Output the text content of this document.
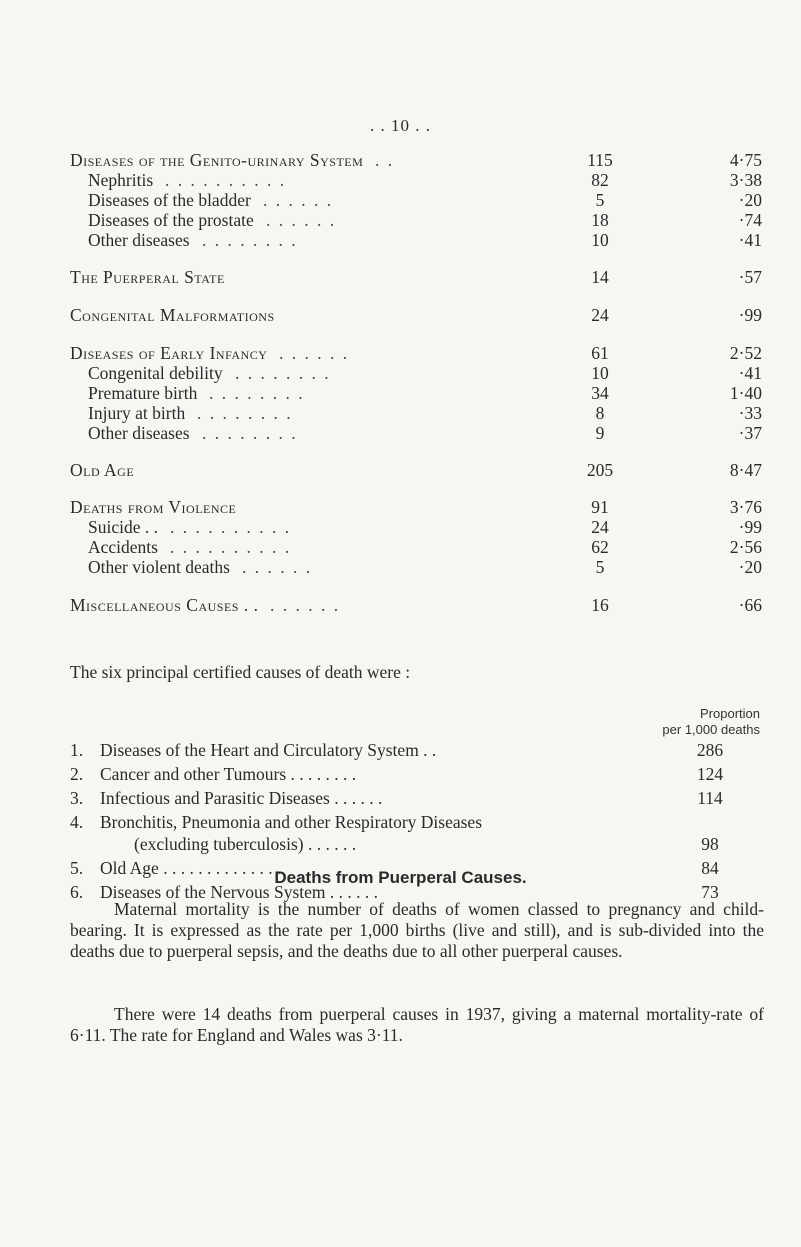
. . 10 . .
Diseases of the Genito-urinary System . .	115	4·75
Nephritis . . . . . . . . . .	82	3·38
Diseases of the bladder . . . . . .	5	·20
Diseases of the prostate . . . . . .	18	·74
Other diseases . . . . . . . .	10	·41
The Puerperal State	14	·57
Congenital Malformations	24	·99
Diseases of Early Infancy . . . . . .	61	2·52
Congenital debility . . . . . . . .	10	·41
Premature birth . . . . . . . .	34	1·40
Injury at birth . . . . . . . .	8	·33
Other diseases . . . . . . . .	9	·37
Old Age	205	8·47
Deaths from Violence	91	3·76
Suicide . . . . . . . . . . . .	24	·99
Accidents . . . . . . . . . .	62	2·56
Other violent deaths . . . . . .	5	·20
Miscellaneous Causes . . . . . . . .	16	·66
The six principal certified causes of death were :
Proportion
per 1,000 deaths
1. Diseases of the Heart and Circulatory System . .	286
2. Cancer and other Tumours . . . . . . . .	124
3. Infectious and Parasitic Diseases . . . . . .	114
4. Bronchitis, Pneumonia and other Respiratory Diseases
(excluding tuberculosis) . . . . . .	98
5. Old Age . . . . . . . . . . . . . .	84
6. Diseases of the Nervous System . . . . . .	73
Deaths from Puerperal Causes.
Maternal mortality is the number of deaths of women classed to pregnancy and child-bearing. It is expressed as the rate per 1,000 births (live and still), and is sub-divided into the deaths due to puerperal sepsis, and the deaths due to all other puerperal causes.
There were 14 deaths from puerperal causes in 1937, giving a maternal mortality-rate of 6·11. The rate for England and Wales was 3·11.
